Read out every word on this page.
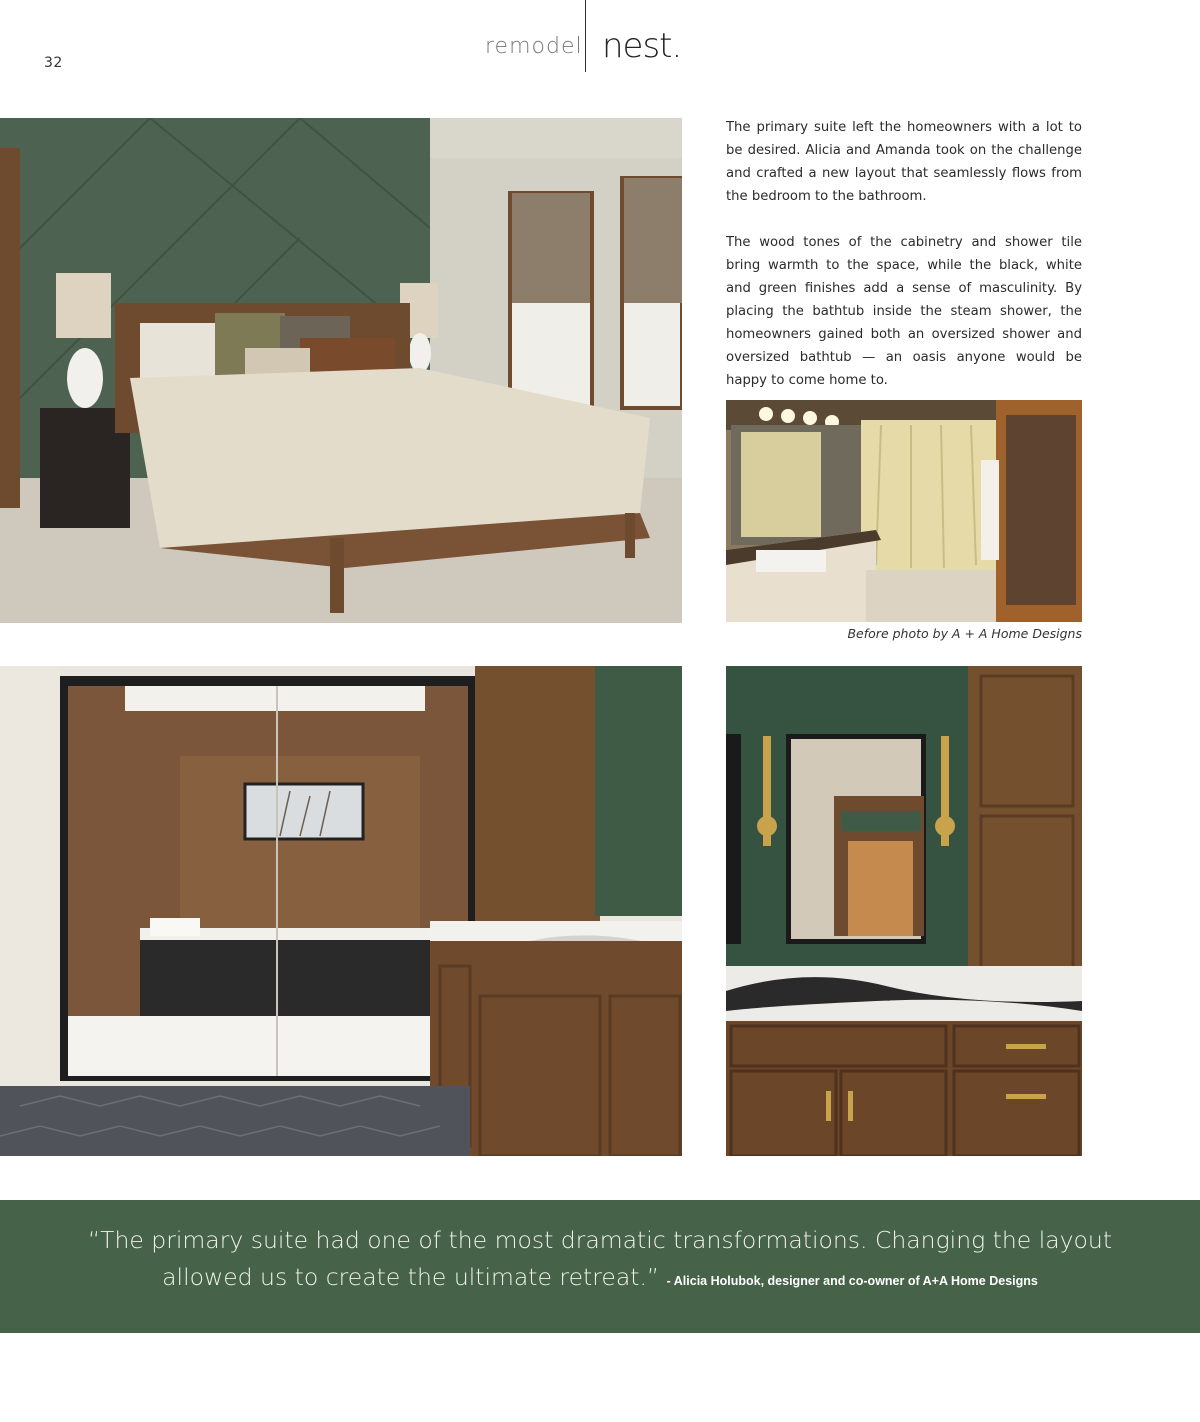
32
remodel nest.

The primary suite left the homeowners with a lot to be desired. Alicia and Amanda took on the challenge and crafted a new layout that seamlessly flows from the bedroom to the bathroom.

The wood tones of the cabinetry and shower tile bring warmth to the space, while the black, white and green finishes add a sense of masculinity. By placing the bathtub inside the steam shower, the homeowners gained both an oversized shower and oversized bathtub — an oasis anyone would be happy to come home to.

Before photo by A + A Home Designs
“The primary suite had one of the most dramatic transformations. Changing the layout allowed us to create the ultimate retreat.” - Alicia Holubok, designer and co-owner of A+A Home Designs
